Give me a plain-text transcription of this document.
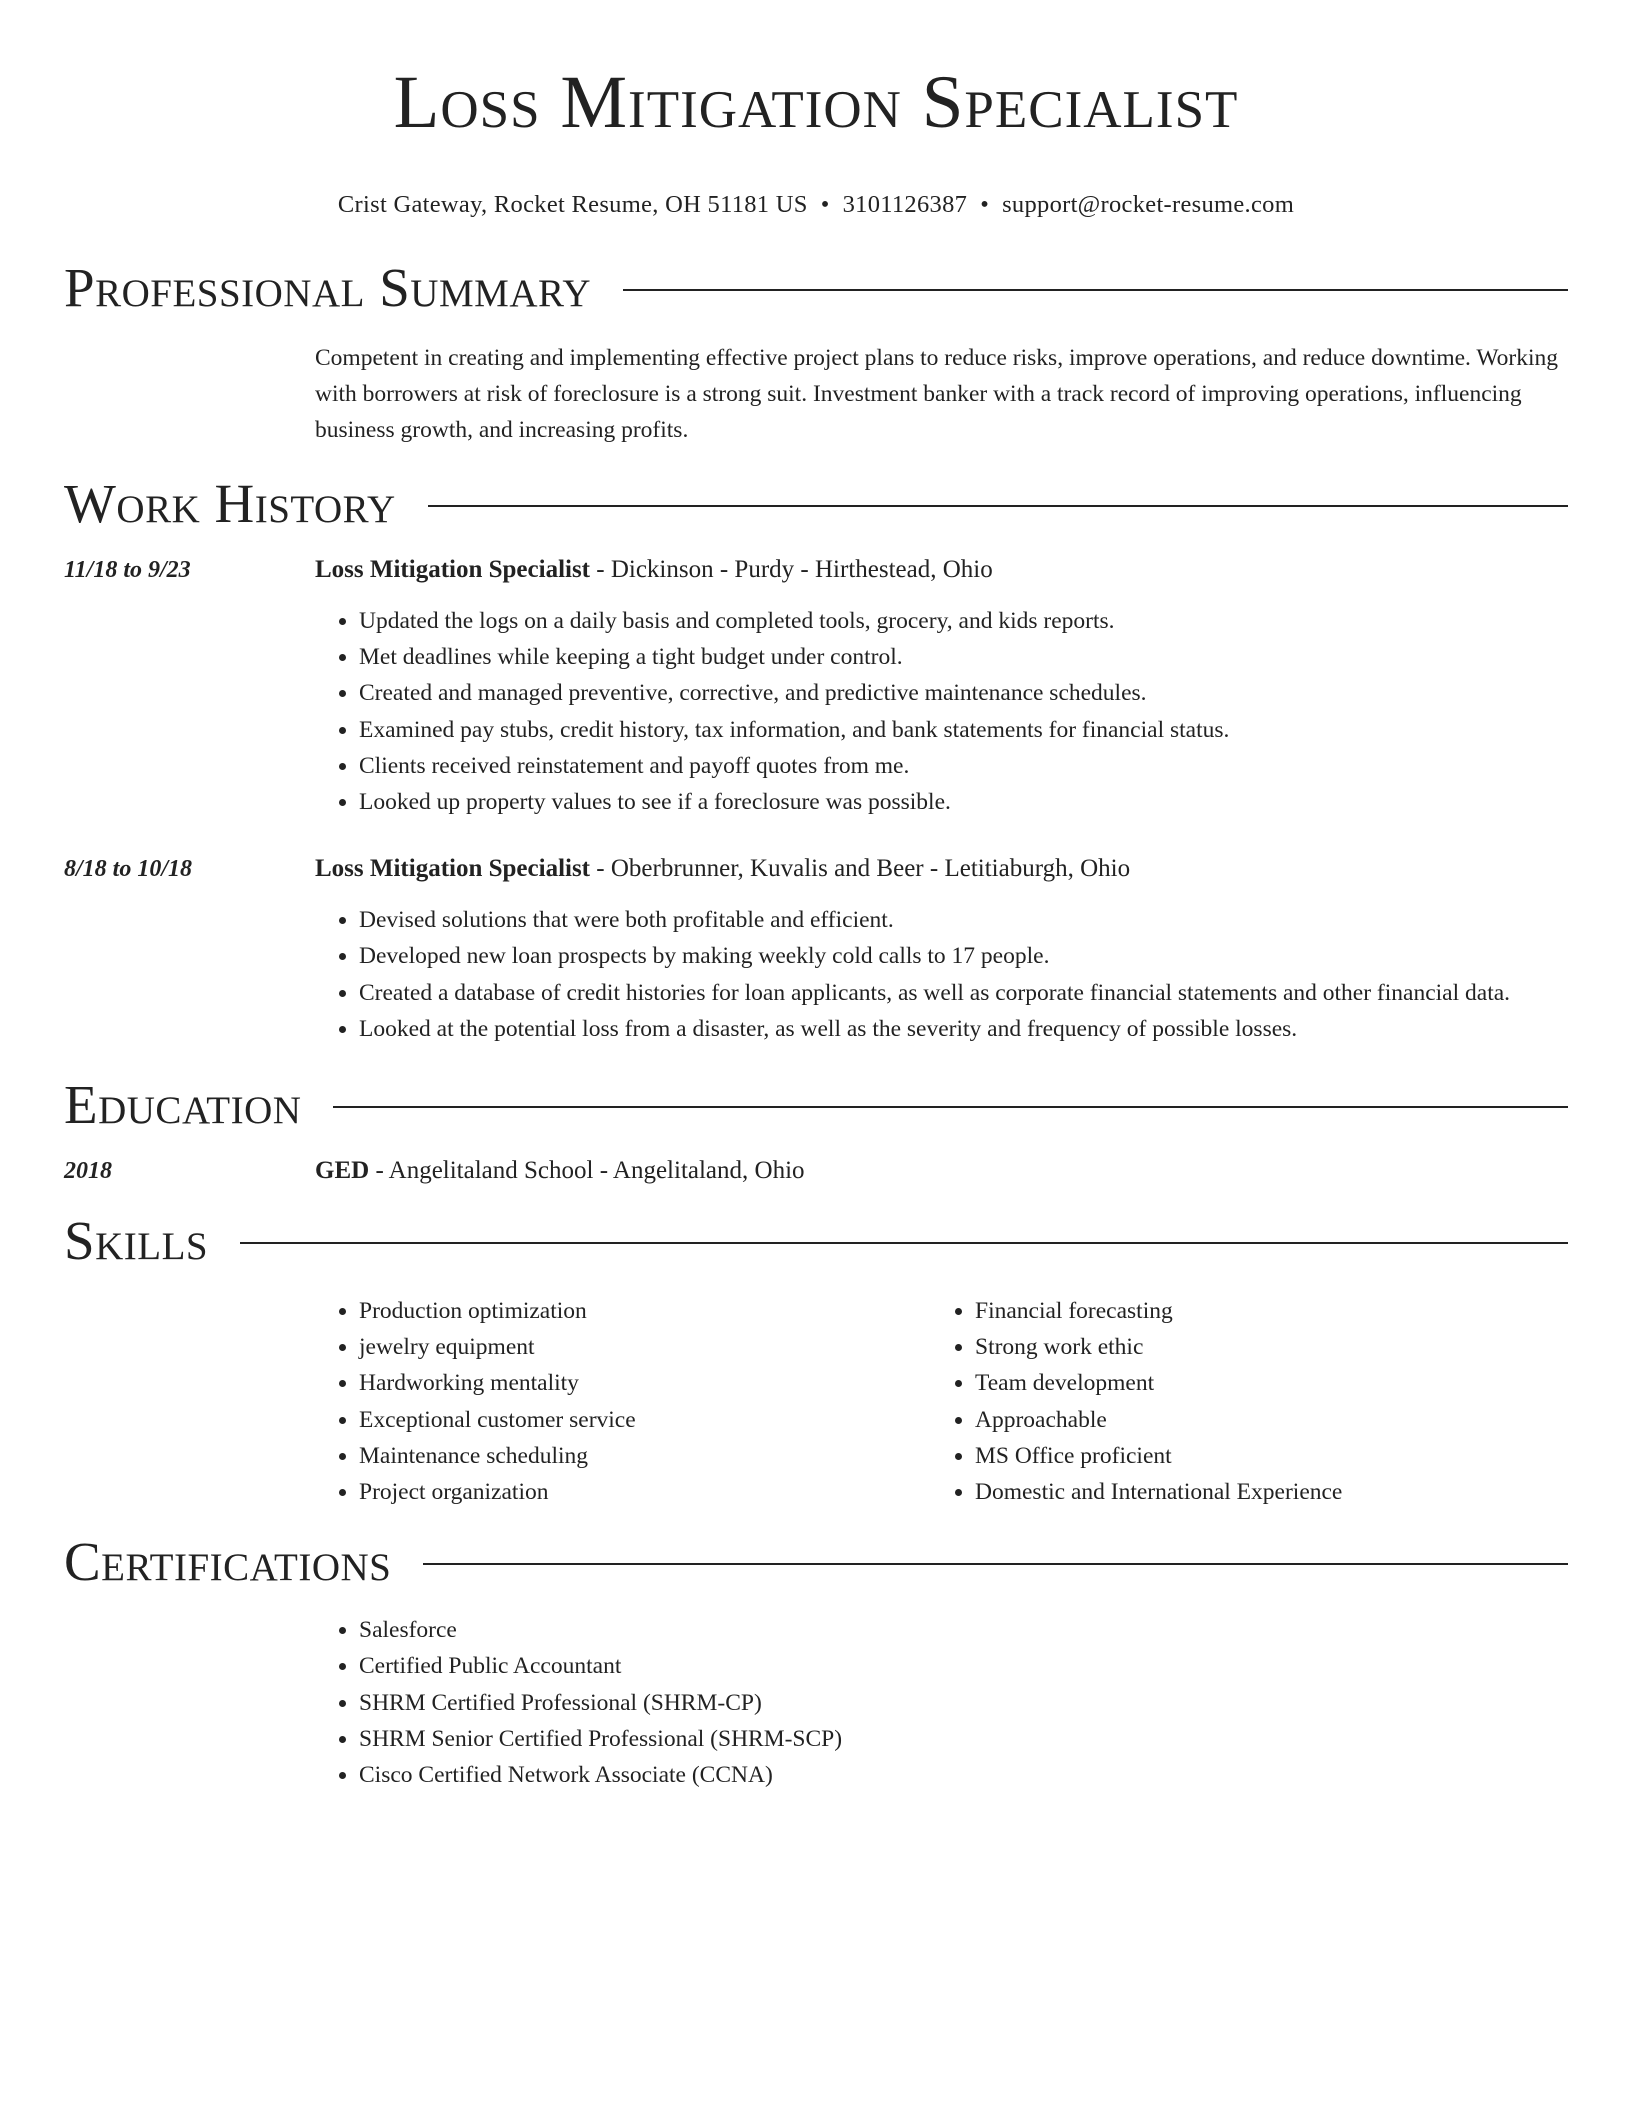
Loss Mitigation Specialist
Crist Gateway, Rocket Resume, OH 51181 US • 3101126387 • support@rocket-resume.com
Professional Summary
Competent in creating and implementing effective project plans to reduce risks, improve operations, and reduce downtime. Working with borrowers at risk of foreclosure is a strong suit. Investment banker with a track record of improving operations, influencing business growth, and increasing profits.
Work History
11/18 to 9/23	Loss Mitigation Specialist - Dickinson - Purdy - Hirthestead, Ohio
• Updated the logs on a daily basis and completed tools, grocery, and kids reports.
• Met deadlines while keeping a tight budget under control.
• Created and managed preventive, corrective, and predictive maintenance schedules.
• Examined pay stubs, credit history, tax information, and bank statements for financial status.
• Clients received reinstatement and payoff quotes from me.
• Looked up property values to see if a foreclosure was possible.
8/18 to 10/18	Loss Mitigation Specialist - Oberbrunner, Kuvalis and Beer - Letitiaburgh, Ohio
• Devised solutions that were both profitable and efficient.
• Developed new loan prospects by making weekly cold calls to 17 people.
• Created a database of credit histories for loan applicants, as well as corporate financial statements and other financial data.
• Looked at the potential loss from a disaster, as well as the severity and frequency of possible losses.
Education
2018	GED - Angelitaland School - Angelitaland, Ohio
Skills
• Production optimization
• jewelry equipment
• Hardworking mentality
• Exceptional customer service
• Maintenance scheduling
• Project organization
• Financial forecasting
• Strong work ethic
• Team development
• Approachable
• MS Office proficient
• Domestic and International Experience
Certifications
• Salesforce
• Certified Public Accountant
• SHRM Certified Professional (SHRM-CP)
• SHRM Senior Certified Professional (SHRM-SCP)
• Cisco Certified Network Associate (CCNA)
